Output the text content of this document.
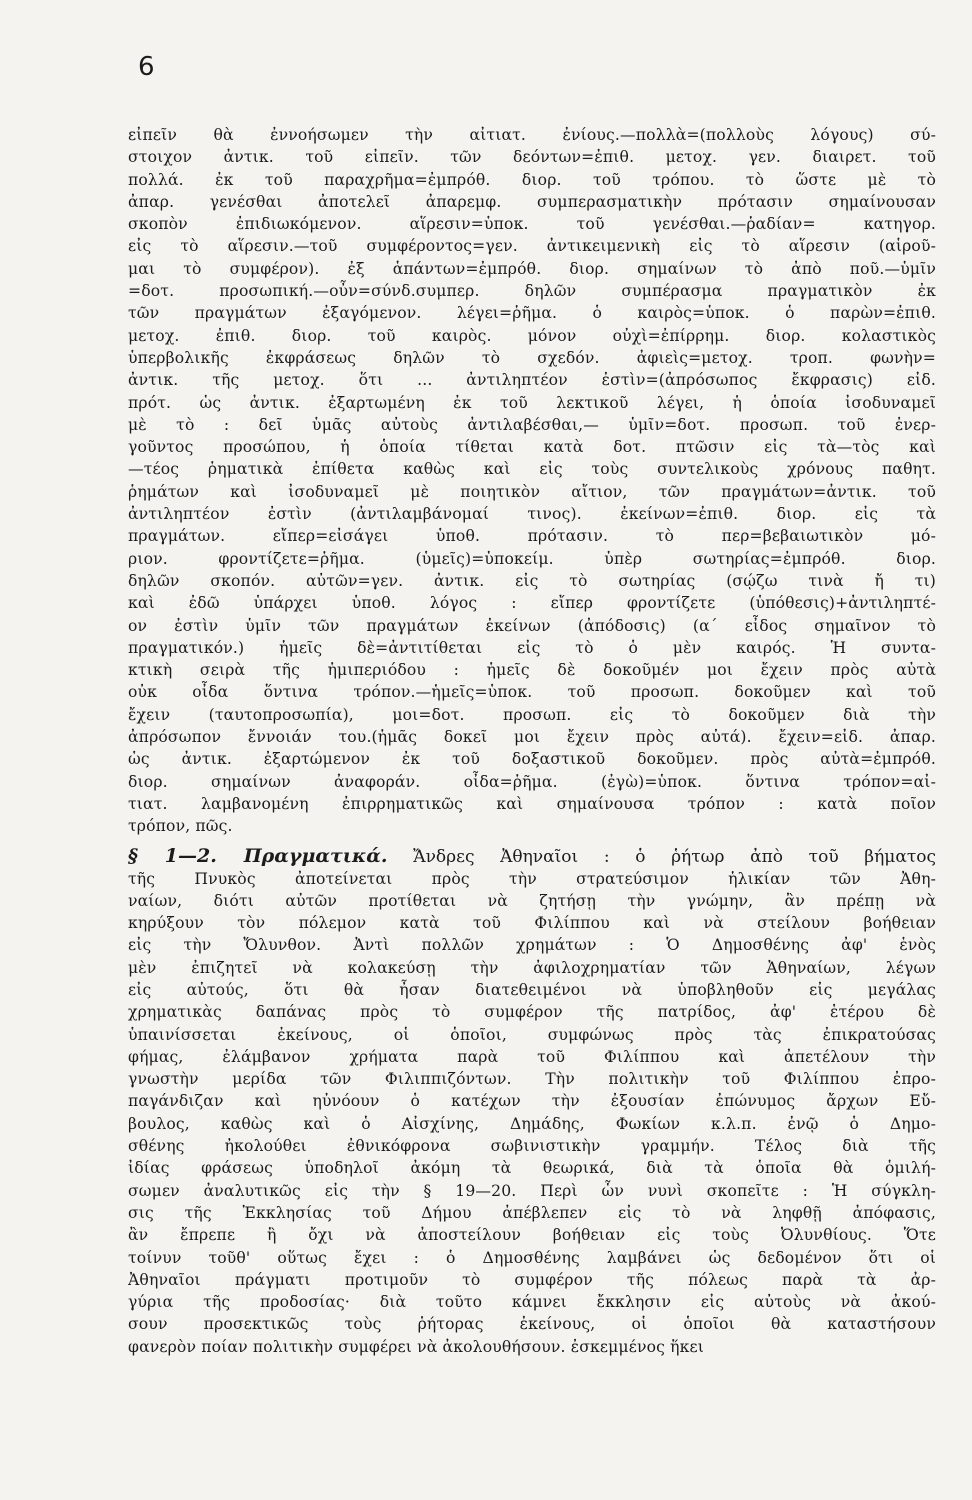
6
εἰπεῖν θὰ ἐννοήσωμεν τὴν αἰτιατ. ἐνίους.—πολλὰ=(πολλοὺς λόγους) σύ-
στοιχον ἀντικ. τοῦ εἰπεῖν. τῶν δεόντων=ἐπιθ. μετοχ. γεν. διαιρετ. τοῦ
πολλά. ἐκ τοῦ παραχρῆμα=ἐμπρόθ. διορ. τοῦ τρόπου. τὸ ὥστε μὲ τὸ
ἀπαρ. γενέσθαι ἀποτελεῖ ἀπαρεμφ. συμπερασματικὴν πρότασιν σημαίνουσαν
σκοπὸν ἐπιδιωκόμενον. αἵρεσιν=ὑποκ. τοῦ γενέσθαι.—ῥαδίαν= κατηγορ.
εἰς τὸ αἵρεσιν.—τοῦ συμφέροντος=γεν. ἀντικειμενικὴ εἰς τὸ αἵρεσιν (αἱροῦ-
μαι τὸ συμφέρον). ἐξ ἁπάντων=ἐμπρόθ. διορ. σημαίνων τὸ ἀπὸ ποῦ.—ὑμῖν
=δοτ. προσωπική.—οὖν=σύνδ.συμπερ. δηλῶν συμπέρασμα πραγματικὸν ἐκ
τῶν πραγμάτων ἐξαγόμενον. λέγει=ῥῆμα. ὁ καιρὸς=ὑποκ. ὁ παρὼν=ἐπιθ.
μετοχ. ἐπιθ. διορ. τοῦ καιρὸς. μόνον οὐχὶ=ἐπίρρημ. διορ. κολαστικὸς
ὑπερβολικῆς ἐκφράσεως δηλῶν τὸ σχεδόν. ἀφιεὶς=μετοχ. τροπ. φωνὴν=
ἀντικ. τῆς μετοχ. ὅτι ... ἀντιληπτέον ἐστὶν=(ἀπρόσωπος ἔκφρασις) εἰδ.
πρότ. ὡς ἀντικ. ἐξαρτωμένη ἐκ τοῦ λεκτικοῦ λέγει, ἡ ὁποία ἰσοδυναμεῖ
μὲ τὸ : δεῖ ὑμᾶς αὐτοὺς ἀντιλαβέσθαι,— ὑμῖν=δοτ. προσωπ. τοῦ ἐνερ-
γοῦντος προσώπου, ἡ ὁποία τίθεται κατὰ δοτ. πτῶσιν εἰς τὰ—τὸς καὶ
—τέος ῥηματικὰ ἐπίθετα καθὼς καὶ εἰς τοὺς συντελικοὺς χρόνους παθητ.
ῥημάτων καὶ ἰσοδυναμεῖ μὲ ποιητικὸν αἴτιον, τῶν πραγμάτων=ἀντικ. τοῦ
ἀντιληπτέον ἐστὶν (ἀντιλαμβάνομαί τινος). ἐκείνων=ἐπιθ. διορ. εἰς τὰ
πραγμάτων. εἴπερ=εἰσάγει ὑποθ. πρότασιν. τὸ περ=βεβαιωτικὸν μό-
ριον. φροντίζετε=ῥῆμα. (ὑμεῖς)=ὑποκείμ. ὑπὲρ σωτηρίας=ἐμπρόθ. διορ.
δηλῶν σκοπόν. αὐτῶν=γεν. ἀντικ. εἰς τὸ σωτηρίας (σῴζω τινὰ ἤ τι)
καὶ ἐδῶ ὑπάρχει ὑποθ. λόγος : εἴπερ φροντίζετε (ὑπόθεσις)+ἀντιληπτέ-
ον ἐστὶν ὑμῖν τῶν πραγμάτων ἐκείνων (ἀπόδοσις) (α΄ εἶδος σημαῖνον τὸ
πραγματικόν.) ἡμεῖς δὲ=ἀντιτίθεται εἰς τὸ ὁ μὲν καιρός. Ἡ συντα-
κτικὴ σειρὰ τῆς ἡμιπεριόδου : ἡμεῖς δὲ δοκοῦμέν μοι ἔχειν πρὸς αὐτὰ
οὐκ οἶδα ὅντινα τρόπον.—ἡμεῖς=ὑποκ. τοῦ προσωπ. δοκοῦμεν καὶ τοῦ
ἔχειν (ταυτοπροσωπία), μοι=δοτ. προσωπ. εἰς τὸ δοκοῦμεν διὰ τὴν
ἀπρόσωπον ἔννοιάν του.(ἡμᾶς δοκεῖ μοι ἔχειν πρὸς αὐτά). ἔχειν=εἰδ. ἀπαρ.
ὡς ἀντικ. ἐξαρτώμενον ἐκ τοῦ δοξαστικοῦ δοκοῦμεν. πρὸς αὐτὰ=ἐμπρόθ.
διορ. σημαίνων ἀναφοράν. οἶδα=ῥῆμα. (ἐγὼ)=ὑποκ. ὅντινα τρόπον=αἰ-
τιατ. λαμβανομένη ἐπιρρηματικῶς καὶ σημαίνουσα τρόπον : κατὰ ποῖον
τρόπον, πῶς.
§ 1—2. Πραγματικά. Ἄνδρες Ἀθηναῖοι : ὁ ῥήτωρ ἀπὸ τοῦ βήματος
τῆς Πνυκὸς ἀποτείνεται πρὸς τὴν στρατεύσιμον ἡλικίαν τῶν Ἀθη-
ναίων, διότι αὐτῶν προτίθεται νὰ ζητήσῃ τὴν γνώμην, ἂν πρέπῃ νὰ
κηρύξουν τὸν πόλεμον κατὰ τοῦ Φιλίππου καὶ νὰ στείλουν βοήθειαν
εἰς τὴν Ὄλυνθον. Ἀντὶ πολλῶν χρημάτων : Ὁ Δημοσθένης ἀφ' ἑνὸς
μὲν ἐπιζητεῖ νὰ κολακεύσῃ τὴν ἀφιλοχρηματίαν τῶν Ἀθηναίων, λέγων
εἰς αὐτούς, ὅτι θὰ ἦσαν διατεθειμένοι νὰ ὑποβληθοῦν εἰς μεγάλας
χρηματικὰς δαπάνας πρὸς τὸ συμφέρον τῆς πατρίδος, ἀφ' ἑτέρου δὲ
ὑπαινίσσεται ἐκείνους, οἱ ὁποῖοι, συμφώνως πρὸς τὰς ἐπικρατούσας
φήμας, ἐλάμβανον χρήματα παρὰ τοῦ Φιλίππου καὶ ἀπετέλουν τὴν
γνωστὴν μερίδα τῶν Φιλιππιζόντων. Τὴν πολιτικὴν τοῦ Φιλίππου ἐπρο-
παγάνδιζαν καὶ ηὐνόουν ὁ κατέχων τὴν ἐξουσίαν ἐπώνυμος ἄρχων Εὔ-
βουλος, καθὼς καὶ ὁ Αἰσχίνης, Δημάδης, Φωκίων κ.λ.π. ἐνῷ ὁ Δημο-
σθένης ἠκολούθει ἐθνικόφρονα σωβινιστικὴν γραμμήν. Τέλος διὰ τῆς
ἰδίας φράσεως ὑποδηλοῖ ἀκόμη τὰ θεωρικά, διὰ τὰ ὁποῖα θὰ ὁμιλή-
σωμεν ἀναλυτικῶς εἰς τὴν § 19—20. Περὶ ὧν νυνὶ σκοπεῖτε : Ἡ σύγκλη-
σις τῆς Ἐκκλησίας τοῦ Δήμου ἀπέβλεπεν εἰς τὸ νὰ ληφθῇ ἀπόφασις,
ἂν ἔπρεπε ἢ ὄχι νὰ ἀποστείλουν βοήθειαν εἰς τοὺς Ὀλυνθίους. Ὅτε
τοίνυν τοῦθ' οὕτως ἔχει : ὁ Δημοσθένης λαμβάνει ὡς δεδομένον ὅτι οἱ
Ἀθηναῖοι πράγματι προτιμοῦν τὸ συμφέρον τῆς πόλεως παρὰ τὰ ἀρ-
γύρια τῆς προδοσίας· διὰ τοῦτο κάμνει ἔκκλησιν εἰς αὐτοὺς νὰ ἀκού-
σουν προσεκτικῶς τοὺς ῥήτορας ἐκείνους, οἱ ὁποῖοι θὰ καταστήσουν
φανερὸν ποίαν πολιτικὴν συμφέρει νὰ ἀκολουθήσουν. ἐσκεμμένος ἥκει
